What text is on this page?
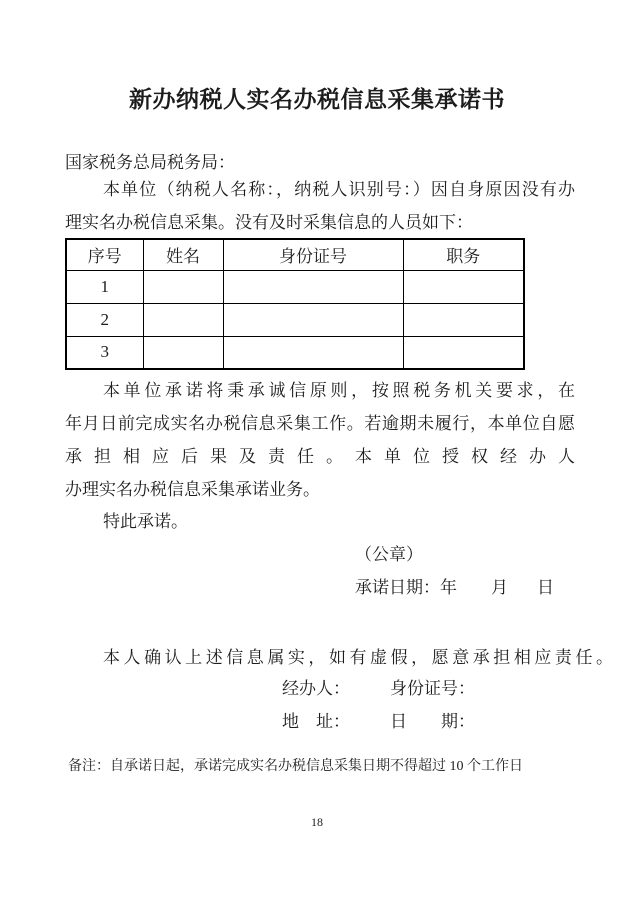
新办纳税人实名办税信息采集承诺书
国家税务总局税务局：
本单位（纳税人名称：，纳税人识别号：）因自身原因没有办
理实名办税信息采集。没有及时采集信息的人员如下：
序号	姓名	身份证号	职务
1			
2			
3			
本单位承诺将秉承诚信原则，按照税务机关要求，在
年月日前完成实名办税信息采集工作。若逾期未履行，本单位自愿
承担相应后果及责任。本单位授权经办人
办理实名办税信息采集承诺业务。
特此承诺。
（公章）
承诺日期： 年 月 日
本人确认上述信息属实，如有虚假，愿意承担相应责任。
经办人： 身份证号：
地　址： 日　　期：
备注：自承诺日起，承诺完成实名办税信息采集日期不得超过 10 个工作日
18
